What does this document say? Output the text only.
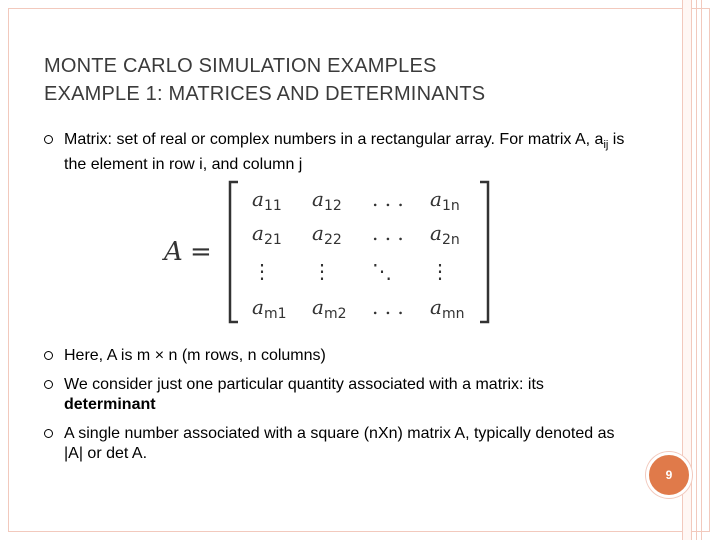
MONTE CARLO SIMULATION EXAMPLES
EXAMPLE 1: MATRICES AND DETERMINANTS
Matrix: set of real or complex numbers in a rectangular array. For matrix A, $a_{ij}$ is the element in row i, and column j
A =
$a_{11}$ $a_{12}$ . . . $a_{1n}$
$a_{21}$ $a_{22}$ . . . $a_{2n}$
⋮ ⋮ ⋱ ⋮
$a_{m1}$ $a_{m2}$ . . . $a_{mn}$
Here, A is m × n (m rows, n columns)
We consider just one particular quantity associated with a matrix: its determinant
A single number associated with a square (nXn) matrix A, typically denoted as |A| or det A.
9
